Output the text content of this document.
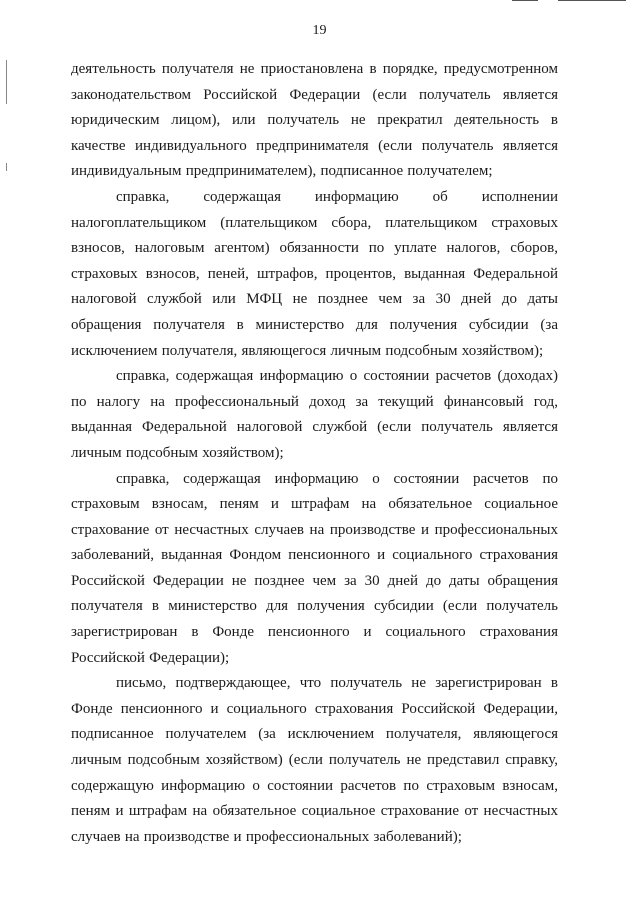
19

деятельность получателя не приостановлена в порядке, предусмотренном законодательством Российской Федерации (если получатель является юридическим лицом), или получатель не прекратил деятельность в качестве индивидуального предпринимателя (если получатель является индивидуальным предпринимателем), подписанное получателем;

справка, содержащая информацию об исполнении налогоплательщиком (плательщиком сбора, плательщиком страховых взносов, налоговым агентом) обязанности по уплате налогов, сборов, страховых взносов, пеней, штрафов, процентов, выданная Федеральной налоговой службой или МФЦ не позднее чем за 30 дней до даты обращения получателя в министерство для получения субсидии (за исключением получателя, являющегося личным подсобным хозяйством);

справка, содержащая информацию о состоянии расчетов (доходах) по налогу на профессиональный доход за текущий финансовый год, выданная Федеральной налоговой службой (если получатель является личным подсобным хозяйством);

справка, содержащая информацию о состоянии расчетов по страховым взносам, пеням и штрафам на обязательное социальное страхование от несчастных случаев на производстве и профессиональных заболеваний, выданная Фондом пенсионного и социального страхования Российской Федерации не позднее чем за 30 дней до даты обращения получателя в министерство для получения субсидии (если получатель зарегистрирован в Фонде пенсионного и социального страхования Российской Федерации);

письмо, подтверждающее, что получатель не зарегистрирован в Фонде пенсионного и социального страхования Российской Федерации, подписанное получателем (за исключением получателя, являющегося личным подсобным хозяйством) (если получатель не представил справку, содержащую информацию о состоянии расчетов по страховым взносам, пеням и штрафам на обязательное социальное страхование от несчастных случаев на производстве и профессиональных заболеваний);
